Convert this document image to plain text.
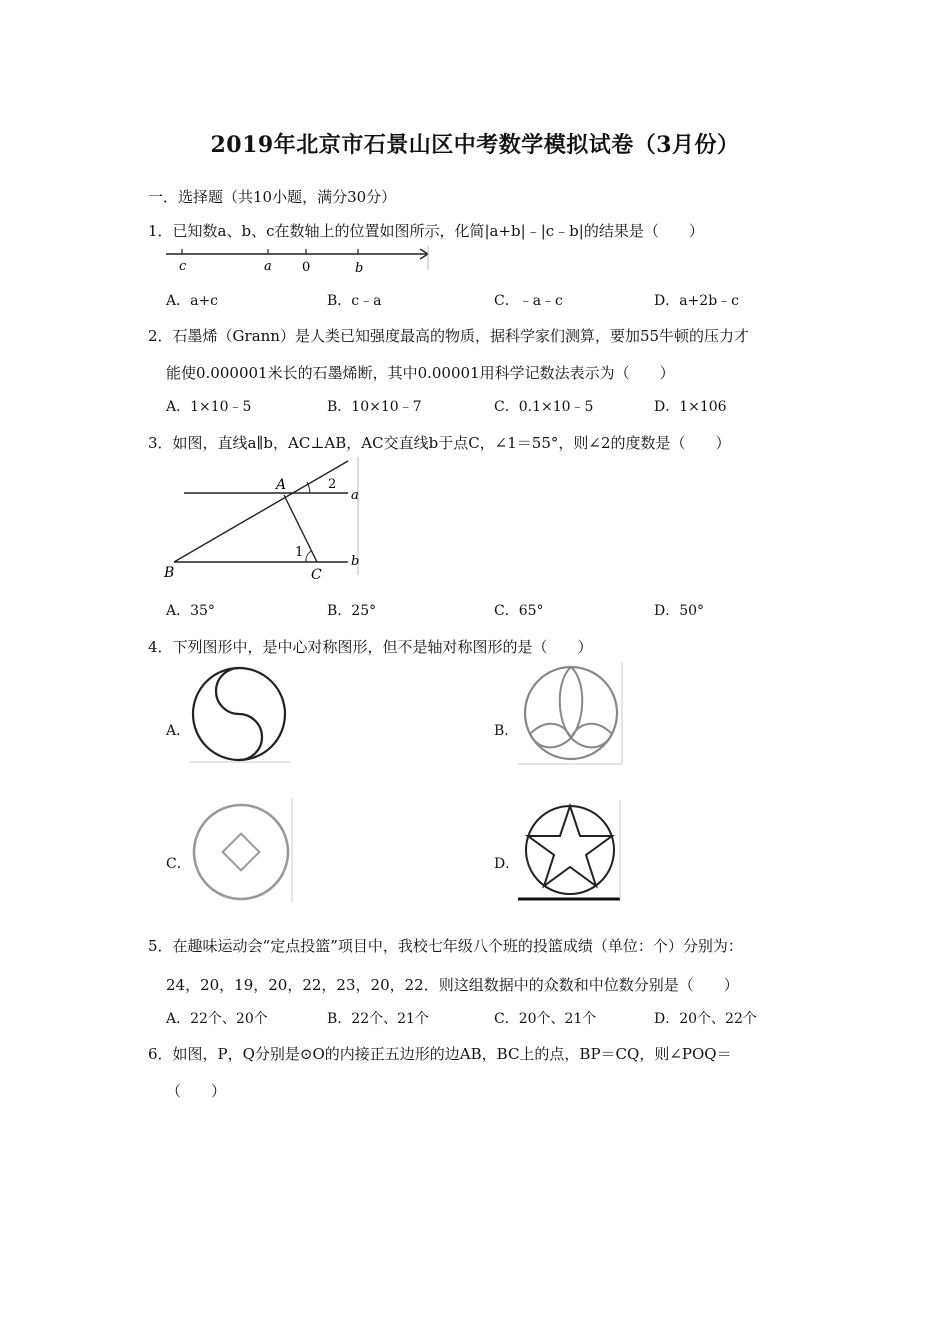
2019年北京市石景山区中考数学模拟试卷（3月份）
一．选择题（共10小题，满分30分）
1．已知数a、b、c在数轴上的位置如图所示，化简|a+b|﹣|c﹣b|的结果是（　　）
c	a 0	b
A．a+c	B．c﹣a	C．﹣a﹣c	D．a+2b﹣c
2．石墨烯（Grann）是人类已知强度最高的物质，据科学家们测算，要加55牛顿的压力才
能使0.000001米长的石墨烯断，其中0.00001用科学记数法表示为（　　）
A．1×10﹣5	B．10×10﹣7	C．0.1×10﹣5	D．1×106
3．如图，直线a∥b，AC⊥AB，AC交直线b于点C，∠1＝55°，则∠2的度数是（　　）
A	2
a
1
b
B	C
A．35°	B．25°	C．65°	D．50°
4．下列图形中，是中心对称图形，但不是轴对称图形的是（　　）
A．	B．
C．	D．
5．在趣味运动会“定点投篮”项目中，我校七年级八个班的投篮成绩（单位：个）分别为：
24，20，19，20，22，23，20，22．则这组数据中的众数和中位数分别是（　　）
A．22个、20个	B．22个、21个	C．20个、21个	D．20个、22个
6．如图，P，Q分别是⊙O的内接正五边形的边AB，BC上的点，BP＝CQ，则∠POQ＝
（　　）
